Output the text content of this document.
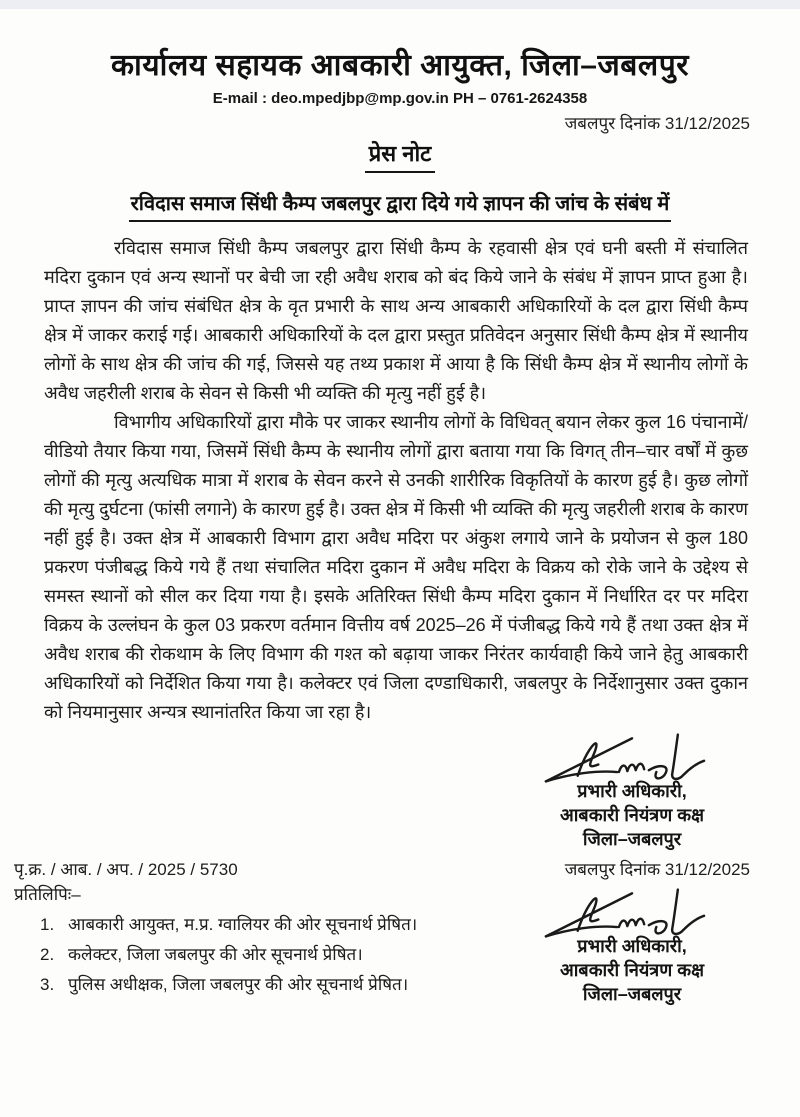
कार्यालय सहायक आबकारी आयुक्त, जिला–जबलपुर
E-mail : deo.mpedjbp@mp.gov.in PH – 0761-2624358
जबलपुर दिनांक 31/12/2025
प्रेस नोट
रविदास समाज सिंधी कैम्प जबलपुर द्वारा दिये गये ज्ञापन की जांच के संबंध में

रविदास समाज सिंधी कैम्प जबलपुर द्वारा सिंधी कैम्प के रहवासी क्षेत्र एवं घनी बस्ती में संचालित मदिरा दुकान एवं अन्य स्थानों पर बेची जा रही अवैध शराब को बंद किये जाने के संबंध में ज्ञापन प्राप्त हुआ है। प्राप्त ज्ञापन की जांच संबंधित क्षेत्र के वृत प्रभारी के साथ अन्य आबकारी अधिकारियों के दल द्वारा सिंधी कैम्प क्षेत्र में जाकर कराई गई। आबकारी अधिकारियों के दल द्वारा प्रस्तुत प्रतिवेदन अनुसार सिंधी कैम्प क्षेत्र में स्थानीय लोगों के साथ क्षेत्र की जांच की गई, जिससे यह तथ्य प्रकाश में आया है कि सिंधी कैम्प क्षेत्र में स्थानीय लोगों के अवैध जहरीली शराब के सेवन से किसी भी व्यक्ति की मृत्यु नहीं हुई है।

विभागीय अधिकारियों द्वारा मौके पर जाकर स्थानीय लोगों के विधिवत् बयान लेकर कुल 16 पंचानामें/वीडियो तैयार किया गया, जिसमें सिंधी कैम्प के स्थानीय लोगों द्वारा बताया गया कि विगत् तीन–चार वर्षों में कुछ लोगों की मृत्यु अत्यधिक मात्रा में शराब के सेवन करने से उनकी शारीरिक विकृतियों के कारण हुई है। कुछ लोगों की मृत्यु दुर्घटना (फांसी लगाने) के कारण हुई है। उक्त क्षेत्र में किसी भी व्यक्ति की मृत्यु जहरीली शराब के कारण नहीं हुई है। उक्त क्षेत्र में आबकारी विभाग द्वारा अवैध मदिरा पर अंकुश लगाये जाने के प्रयोजन से कुल 180 प्रकरण पंजीबद्ध किये गये हैं तथा संचालित मदिरा दुकान में अवैध मदिरा के विक्रय को रोके जाने के उद्देश्य से समस्त स्थानों को सील कर दिया गया है। इसके अतिरिक्त सिंधी कैम्प मदिरा दुकान में निर्धारित दर पर मदिरा विक्रय के उल्लंघन के कुल 03 प्रकरण वर्तमान वित्तीय वर्ष 2025–26 में पंजीबद्ध किये गये हैं तथा उक्त क्षेत्र में अवैध शराब की रोकथाम के लिए विभाग की गश्त को बढ़ाया जाकर निरंतर कार्यवाही किये जाने हेतु आबकारी अधिकारियों को निर्देशित किया गया है। कलेक्टर एवं जिला दण्डाधिकारी, जबलपुर के निर्देशानुसार उक्त दुकान को नियमानुसार अन्यत्र स्थानांतरित किया जा रहा है।

प्रभारी अधिकारी,
आबकारी नियंत्रण कक्ष
जिला–जबलपुर
पृ.क्र. / आब. / अप. / 2025 / 5730	जबलपुर दिनांक 31/12/2025
प्रतिलिपिः–
1. आबकारी आयुक्त, म.प्र. ग्वालियर की ओर सूचनार्थ प्रेषित।
2. कलेक्टर, जिला जबलपुर की ओर सूचनार्थ प्रेषित।
3. पुलिस अधीक्षक, जिला जबलपुर की ओर सूचनार्थ प्रेषित।
प्रभारी अधिकारी,
आबकारी नियंत्रण कक्ष
जिला–जबलपुर
